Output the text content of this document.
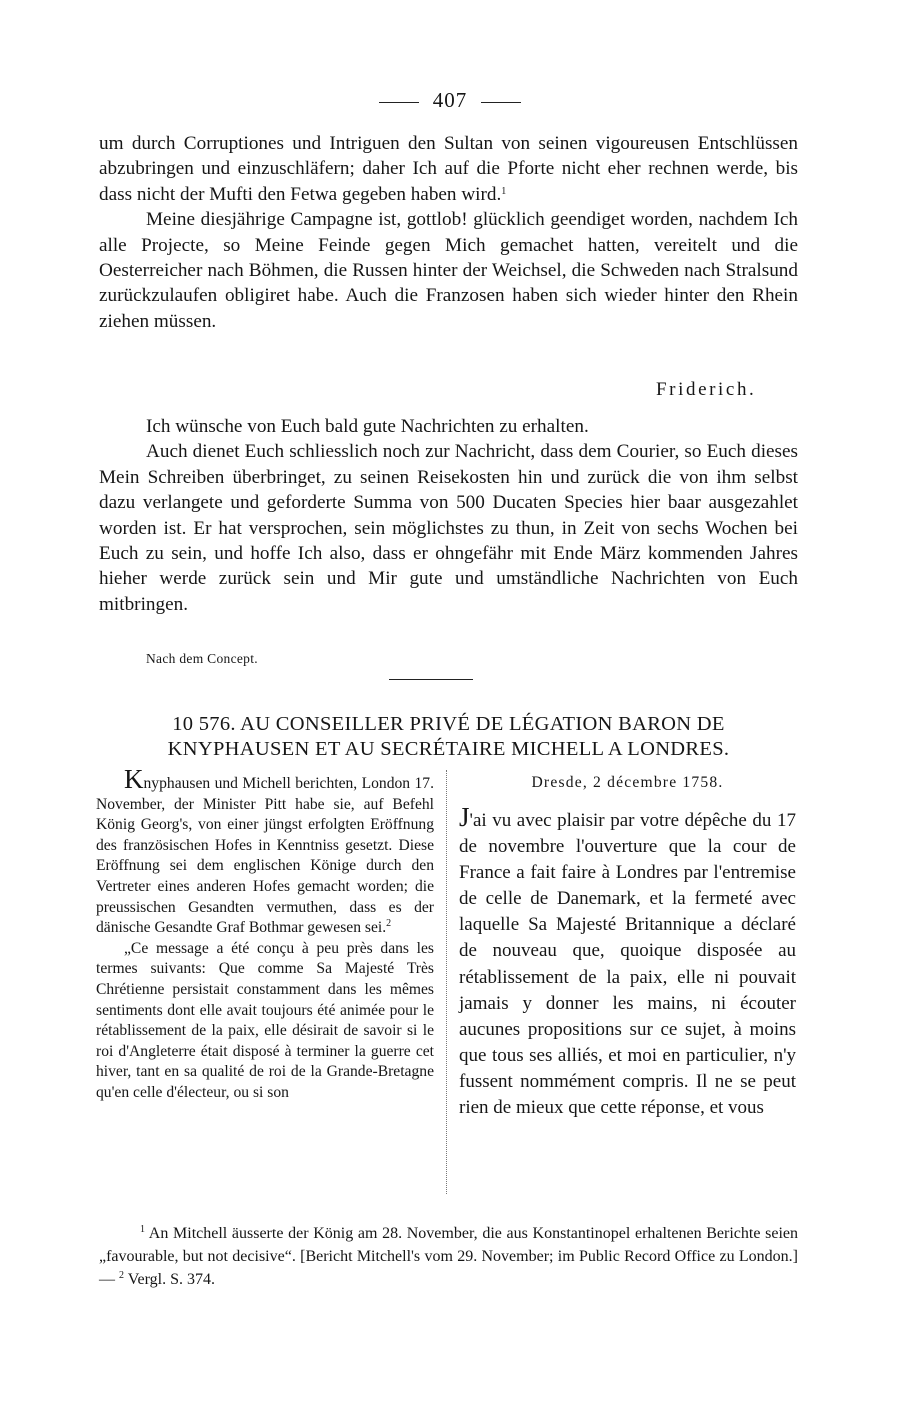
407

um durch Corruptiones und Intriguen den Sultan von seinen vigoureusen Entschlüssen abzubringen und einzuschläfern; daher Ich auf die Pforte nicht eher rechnen werde, bis dass nicht der Mufti den Fetwa gegeben haben wird.$^1$

Meine diesjährige Campagne ist, gottlob! glücklich geendiget worden, nachdem Ich alle Projecte, so Meine Feinde gegen Mich gemachet hatten, vereitelt und die Oesterreicher nach Böhmen, die Russen hinter der Weichsel, die Schweden nach Stralsund zurückzulaufen obligiret habe. Auch die Franzosen haben sich wieder hinter den Rhein ziehen müssen.

Friderich.

Ich wünsche von Euch bald gute Nachrichten zu erhalten.

Auch dienet Euch schliesslich noch zur Nachricht, dass dem Courier, so Euch dieses Mein Schreiben überbringet, zu seinen Reisekosten hin und zurück die von ihm selbst dazu verlangete und geforderte Summa von 500 Ducaten Species hier baar ausgezahlet worden ist. Er hat versprochen, sein möglichstes zu thun, in Zeit von sechs Wochen bei Euch zu sein, und hoffe Ich also, dass er ohngefähr mit Ende März kommenden Jahres hieher werde zurück sein und Mir gute und umständliche Nachrichten von Euch mitbringen.

Nach dem Concept.
10 576. AU CONSEILLER PRIVÉ DE LÉGATION BARON DE
KNYPHAUSEN ET AU SECRÉTAIRE MICHELL A LONDRES.

Knyphausen und Michell berichten, London 17. November, der Minister Pitt habe sie, auf Befehl König Georg's, von einer jüngst erfolgten Eröffnung des französischen Hofes in Kenntniss gesetzt. Diese Eröffnung sei dem englischen Könige durch den Vertreter eines anderen Hofes gemacht worden; die preussischen Gesandten vermuthen, dass es der dänische Gesandte Graf Bothmar gewesen sei.$^2$

„Ce message a été conçu à peu près dans les termes suivants: Que comme Sa Majesté Très Chrétienne persistait constamment dans les mêmes sentiments dont elle avait toujours été animée pour le rétablissement de la paix, elle désirait de savoir si le roi d'Angleterre était disposé à terminer la guerre cet hiver, tant en sa qualité de roi de la Grande-Bretagne qu'en celle d'électeur, ou si son

Dresde, 2 décembre 1758.

J'ai vu avec plaisir par votre dépêche du 17 de novembre l'ouverture que la cour de France a fait faire à Londres par l'entremise de celle de Danemark, et la fermeté avec laquelle Sa Majesté Britannique a déclaré de nouveau que, quoique disposée au rétablissement de la paix, elle ni pouvait jamais y donner les mains, ni écouter aucunes propositions sur ce sujet, à moins que tous ses alliés, et moi en particulier, n'y fussent nommément compris. Il ne se peut rien de mieux que cette réponse, et vous

$^1$ An Mitchell äusserte der König am 28. November, die aus Konstantinopel erhaltenen Berichte seien „favourable, but not decisive“. [Bericht Mitchell's vom 29. November; im Public Record Office zu London.] — $^2$ Vergl. S. 374.
